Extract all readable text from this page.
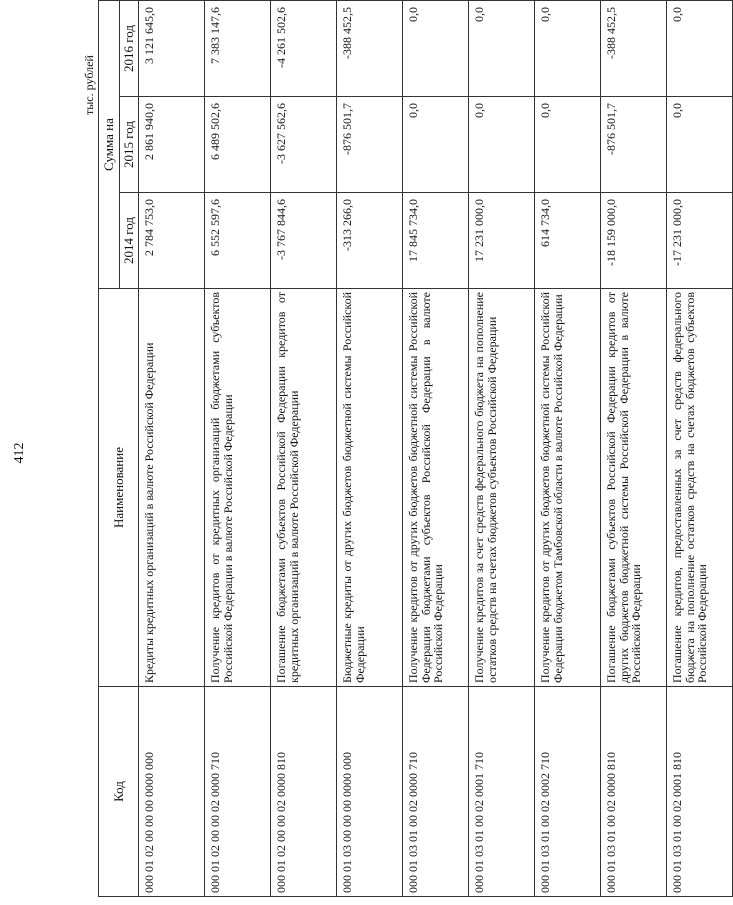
412
тыс. рублей
Код	Наименование	Сумма на		
		2014 год	2015 год	2016 год
000 01 02 00 00 00 0000 000	Кредиты кредитных организаций в валюте Российской Федерации	2 784 753,0	2 861 940,0	3 121 645,0
000 01 02 00 00 02 0000 710	Получение кредитов от кредитных организаций бюджетами субъектов Российской Федерации в валюте Российской Федерации	6 552 597,6	6 489 502,6	7 383 147,6
000 01 02 00 00 02 0000 810	Погашение бюджетами субъектов Российской Федерации кредитов от кредитных организаций в валюте Российской Федерации	-3 767 844,6	-3 627 562,6	-4 261 502,6
000 01 03 00 00 00 0000 000	Бюджетные кредиты от других бюджетов бюджетной системы Российской Федерации	-313 266,0	-876 501,7	-388 452,5
000 01 03 01 00 02 0000 710	Получение кредитов от других бюджетов бюджетной системы Российской Федерации бюджетами субъектов Российской Федерации в валюте Российской Федерации	17 845 734,0	0,0	0,0
000 01 03 01 00 02 0001 710	Получение кредитов за счет средств федерального бюджета на пополнение остатков средств на счетах бюджетов субъектов Российской Федерации	17 231 000,0	0,0	0,0
000 01 03 01 00 02 0002 710	Получение кредитов от других бюджетов бюджетной системы Российской Федерации бюджетом Тамбовской области в валюте Российской Федерации	614 734,0	0,0	0,0
000 01 03 01 00 02 0000 810	Погашение бюджетами субъектов Российской Федерации кредитов от других бюджетов бюджетной системы Российской Федерации в валюте Российской Федерации	-18 159 000,0	-876 501,7	-388 452,5
000 01 03 01 00 02 0001 810	Погашение кредитов, предоставленных за счет средств федерального бюджета на пополнение остатков средств на счетах бюджетов субъектов Российской Федерации	-17 231 000,0	0,0	0,0
